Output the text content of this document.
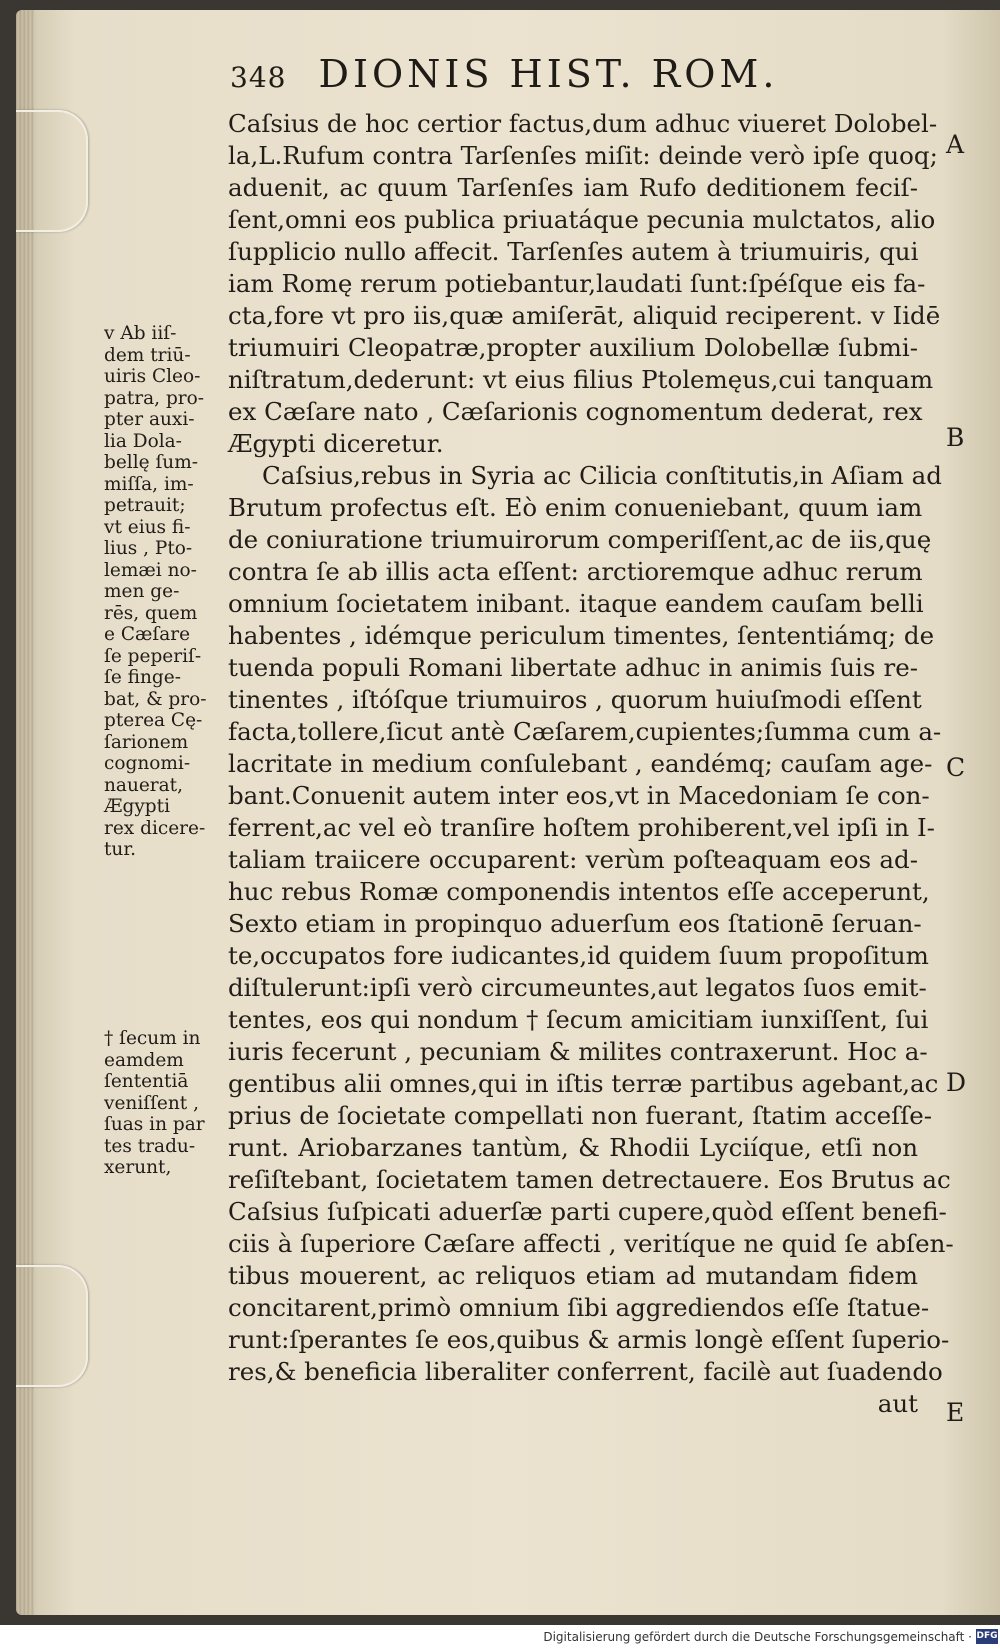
348 DIONIS HIST. ROM.
Caſsius de hoc certior factus,dum adhuc viueret Dolobel-
la,L.Rufum contra Tarſenſes miſit: deinde verò ipſe quoq;
aduenit, ac quum Tarſenſes iam Rufo deditionem feciſ-
ſent,omni eos publica priuatáque pecunia mulctatos, alio
ſupplicio nullo affecit. Tarſenſes autem à triumuiris, qui
iam Romę rerum potiebantur,laudati ſunt:ſpéſque eis fa-
cta,fore vt pro iis,quæ amiſerāt, aliquid reciperent. v Iidē
triumuiri Cleopatræ,propter auxilium Dolobellæ ſubmi-
niſtratum,dederunt: vt eius filius Ptolemęus,cui tanquam
ex Cæſare nato , Cæſarionis cognomentum dederat, rex
Ægypti diceretur.
Caſsius,rebus in Syria ac Cilicia conſtitutis,in Aſiam ad
Brutum profectus eſt. Eò enim conueniebant, quum iam
de coniuratione triumuirorum comperiſſent,ac de iis,quę
contra ſe ab illis acta eſſent: arctioremque adhuc rerum
omnium ſocietatem inibant. itaque eandem cauſam belli
habentes , idémque periculum timentes, ſententiámq; de
tuenda populi Romani libertate adhuc in animis ſuis re-
tinentes , iſtóſque triumuiros , quorum huiuſmodi eſſent
facta,tollere,ſicut antè Cæſarem,cupientes;ſumma cum a-
lacritate in medium conſulebant , eandémq; cauſam age-
bant.Conuenit autem inter eos,vt in Macedoniam ſe con-
ferrent,ac vel eò tranſire hoſtem prohiberent,vel ipſi in I-
taliam traiicere occuparent: verùm poſteaquam eos ad-
huc rebus Romæ componendis intentos eſſe acceperunt,
Sexto etiam in propinquo aduerſum eos ſtationē ſeruan-
te,occupatos fore iudicantes,id quidem ſuum propoſitum
diſtulerunt:ipſi verò circumeuntes,aut legatos ſuos emit-
tentes, eos qui nondum † ſecum amicitiam iunxiſſent, ſui
iuris fecerunt , pecuniam & milites contraxerunt. Hoc a-
gentibus alii omnes,qui in iſtis terræ partibus agebant,ac
prius de ſocietate compellati non fuerant, ſtatim acceſſe-
runt. Ariobarzanes tantùm, & Rhodii Lyciíque, etſi non
reſiſtebant, ſocietatem tamen detrectauere. Eos Brutus ac
Caſsius ſuſpicati aduerſæ parti cupere,quòd eſſent benefi-
ciis à ſuperiore Cæſare affecti , veritíque ne quid ſe abſen-
tibus mouerent, ac reliquos etiam ad mutandam fidem
concitarent,primò omnium ſibi aggrediendos eſſe ſtatue-
runt:ſperantes ſe eos,quibus & armis longè eſſent ſuperio-
res,& beneficia liberaliter conferrent, facilè aut ſuadendo
aut
v Ab iiſ-
dem triū-
uiris Cleo-
patra, pro-
pter auxi-
lia Dola-
bellę ſum-
miſſa, im-
petrauit;
vt eius fi-
lius , Pto-
lemæi no-
men ge-
rēs, quem
e Cæſare
ſe peperiſ-
ſe finge-
bat, & pro-
pterea Cę-
ſarionem
cognomi-
nauerat,
Ægypti
rex dicere-
tur.
† ſecum in
eamdem
ſententiā
veniſſent ,
ſuas in par
tes tradu-
xerunt,
A
B
C
D
E
Digitalisierung gefördert durch die Deutsche Forschungsgemeinschaft · DFG
